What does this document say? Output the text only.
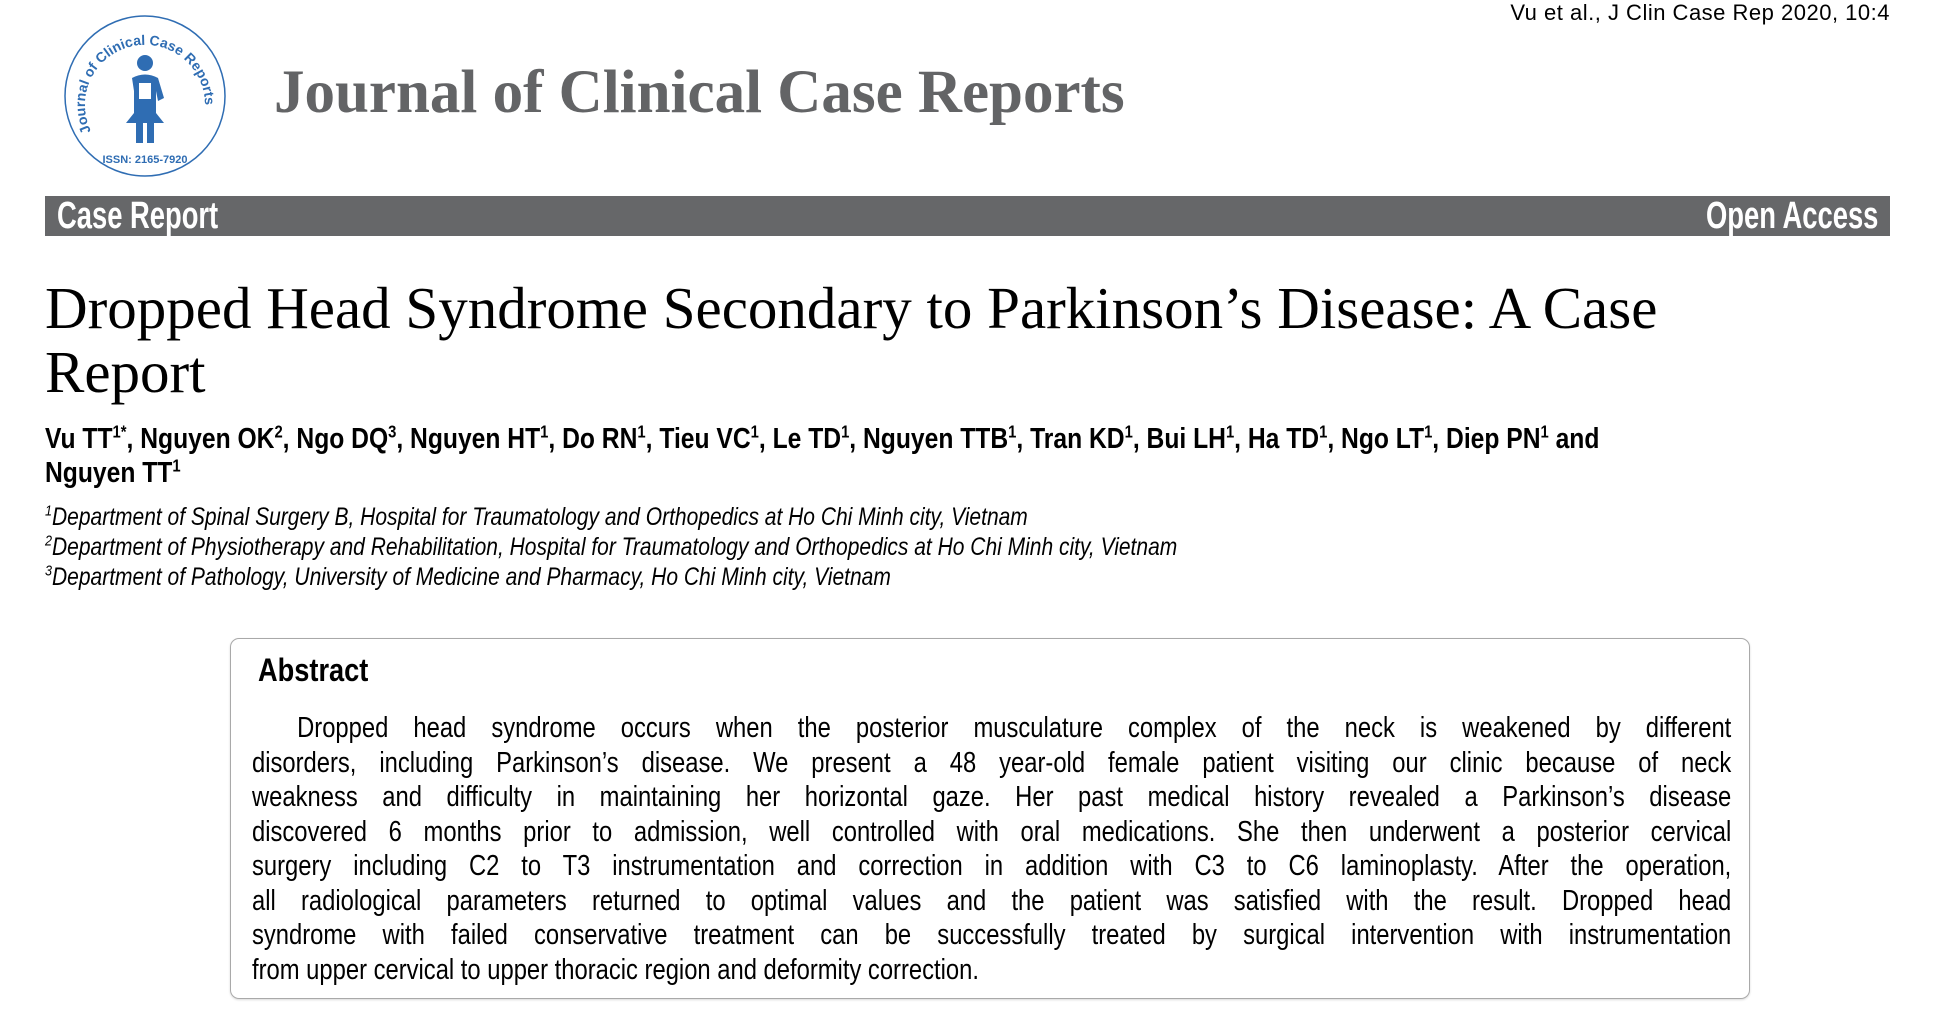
Vu et al., J Clin Case Rep 2020, 10:4
Journal of Clinical Case Reports
ISSN: 2165-7920
Journal of Clinical Case Reports
Case Report	Open Access
Dropped Head Syndrome Secondary to Parkinson’s Disease: A Case
Report
Vu $TT^{1*}$, Nguyen $OK^2$, Ngo $DQ^3$, Nguyen $HT^1$, Do $RN^1$, Tieu $VC^1$, Le $TD^1$, Nguyen TTB$^1$, Tran $KD^1$, Bui $LH^1$, Ha $TD^1$, Ngo $LT^1$, Diep $PN^1$ and
Nguyen $TT^1$
$^1$Department of Spinal Surgery B, Hospital for Traumatology and Orthopedics at Ho Chi Minh city, Vietnam
$^2$Department of Physiotherapy and Rehabilitation, Hospital for Traumatology and Orthopedics at Ho Chi Minh city, Vietnam
$^3$Department of Pathology, University of Medicine and Pharmacy, Ho Chi Minh city, Vietnam
Abstract
Dropped head syndrome occurs when the posterior musculature complex of the neck is weakened by different
disorders, including Parkinson’s disease. We present a 48 year-old female patient visiting our clinic because of neck
weakness and difficulty in maintaining her horizontal gaze. Her past medical history revealed a Parkinson’s disease
discovered 6 months prior to admission, well controlled with oral medications. She then underwent a posterior cervical
surgery including C2 to T3 instrumentation and correction in addition with C3 to C6 laminoplasty. After the operation,
all radiological parameters returned to optimal values and the patient was satisfied with the result. Dropped head
syndrome with failed conservative treatment can be successfully treated by surgical intervention with instrumentation
from upper cervical to upper thoracic region and deformity correction.
